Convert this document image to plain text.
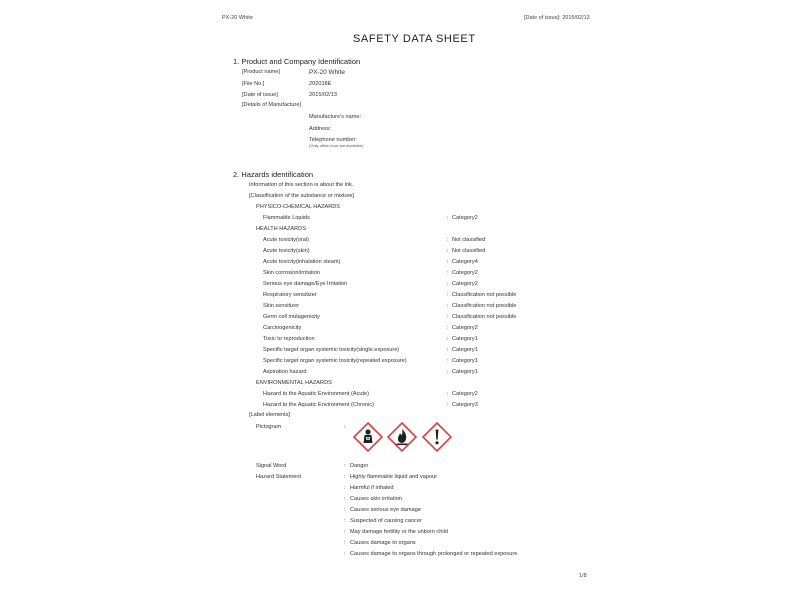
PX-20 White	[Date of issue]: 2015/02/13
SAFETY DATA SHEET
1. Product and Company Identification
[Product name]	PX-20 White
[File No.]	202018E
[Date of issue]	2015/02/13
[Details of Manufacture]
Manufacture's name:
Address:
Telephone number:
(Only office hour are available)
2. Hazards identification
Information of this section is about the ink.
[Classification of the substance or mixture]
PHYSICO-CHEMICAL HAZARDS
Flammable Liquids	: Category2
HEALTH HAZARDS
Acute toxicity(oral)	: Not classified
Acute toxicity(skin)	: Not classified
Acute toxicity(inhalation steam)	: Category4
Skin corrosion/irritation	: Category2
Serious eye damage/Eye Irritation	: Category2
Respiratory sensitizer	: Classification not possible
Skin sensitizer	: Classification not possible
Germ cell mutagenicity	: Classification not possible
Carcinogenicity	: Category2
Toxic to reproduction	: Category1
Specific target organ systemic toxicity(single exposure)	: Category1
Specific target organ systemic toxicity(repeated exposure)	: Category1
Aspiration hazard	: Category1
ENVIRONMENTAL HAZARDS
Hazard to the Aquatic Environment (Acute)	: Category2
Hazard to the Aquatic Environment (Chronic)	: Category3
[Label elements]
Pictogram	:
Signal Word	: Danger
Hazard Statement	: Highly flammable liquid and vapour
: Harmful if inhaled
: Causes skin irritation
: Causes serious eye damage
: Suspected of causing cancer
: May damage fertility or the unborn child
: Causes damage to organs
: Causes damage to organs through prolonged or repeated exposure
1/8
